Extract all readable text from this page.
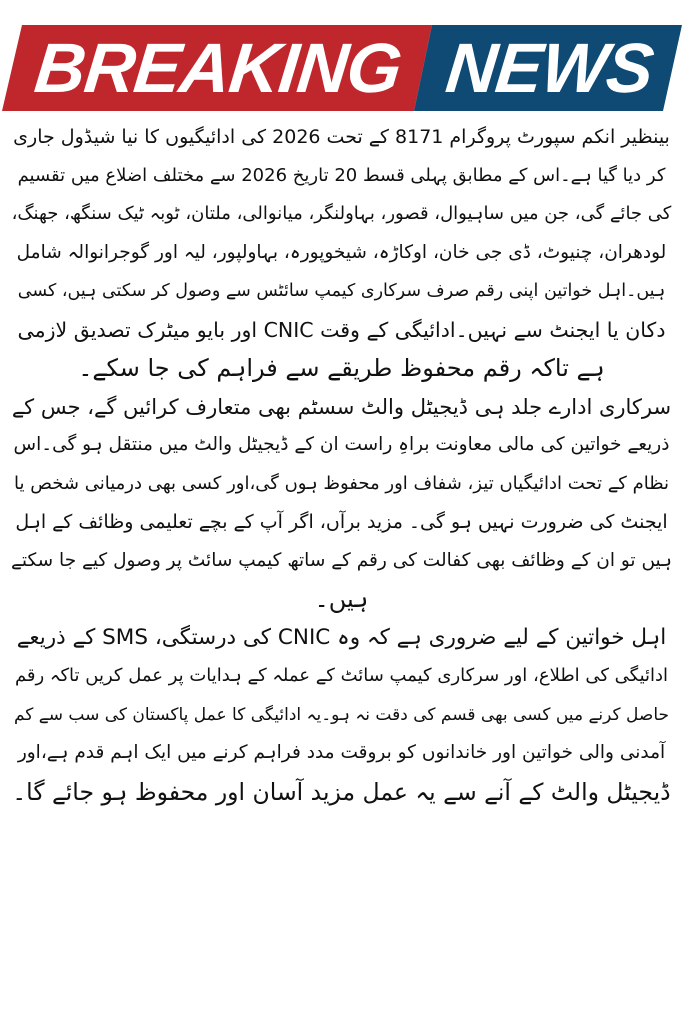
BREAKING NEWS
بینظیر انکم سپورٹ پروگرام 8171 کے تحت 2026 کی ادائیگیوں کا نیا شیڈول جاری
کر دیا گیا ہے۔اس کے مطابق پہلی قسط 20 تاریخ 2026 سے مختلف اضلاع میں تقسیم
کی جائے گی، جن میں ساہیوال، قصور، بہاولنگر، میانوالی، ملتان، ٹوبہ ٹیک سنگھ، جھنگ،
لودھران، چنیوٹ، ڈی جی خان، اوکاڑہ، شیخوپورہ، بہاولپور، لیہ اور گوجرانوالہ شامل
ہیں۔اہل خواتین اپنی رقم صرف سرکاری کیمپ سائٹس سے وصول کر سکتی ہیں، کسی
دکان یا ایجنٹ سے نہیں۔ادائیگی کے وقت CNIC اور بایو میٹرک تصدیق لازمی
ہے تاکہ رقم محفوظ طریقے سے فراہم کی جا سکے۔
سرکاری ادارے جلد ہی ڈیجیٹل والٹ سسٹم بھی متعارف کرائیں گے، جس کے
ذریعے خواتین کی مالی معاونت براہِ راست ان کے ڈیجیٹل والٹ میں منتقل ہو گی۔اس
نظام کے تحت ادائیگیاں تیز، شفاف اور محفوظ ہوں گی،اور کسی بھی درمیانی شخص یا
ایجنٹ کی ضرورت نہیں ہو گی۔ مزید برآں، اگر آپ کے بچے تعلیمی وظائف کے اہل
ہیں تو ان کے وظائف بھی کفالت کی رقم کے ساتھ کیمپ سائٹ پر وصول کیے جا سکتے
ہیں۔
اہل خواتین کے لیے ضروری ہے کہ وہ CNIC کی درستگی، SMS کے ذریعے
ادائیگی کی اطلاع، اور سرکاری کیمپ سائٹ کے عملہ کے ہدایات پر عمل کریں تاکہ رقم
حاصل کرنے میں کسی بھی قسم کی دقت نہ ہو۔یہ ادائیگی کا عمل پاکستان کی سب سے کم
آمدنی والی خواتین اور خاندانوں کو بروقت مدد فراہم کرنے میں ایک اہم قدم ہے،اور
ڈیجیٹل والٹ کے آنے سے یہ عمل مزید آسان اور محفوظ ہو جائے گا۔
